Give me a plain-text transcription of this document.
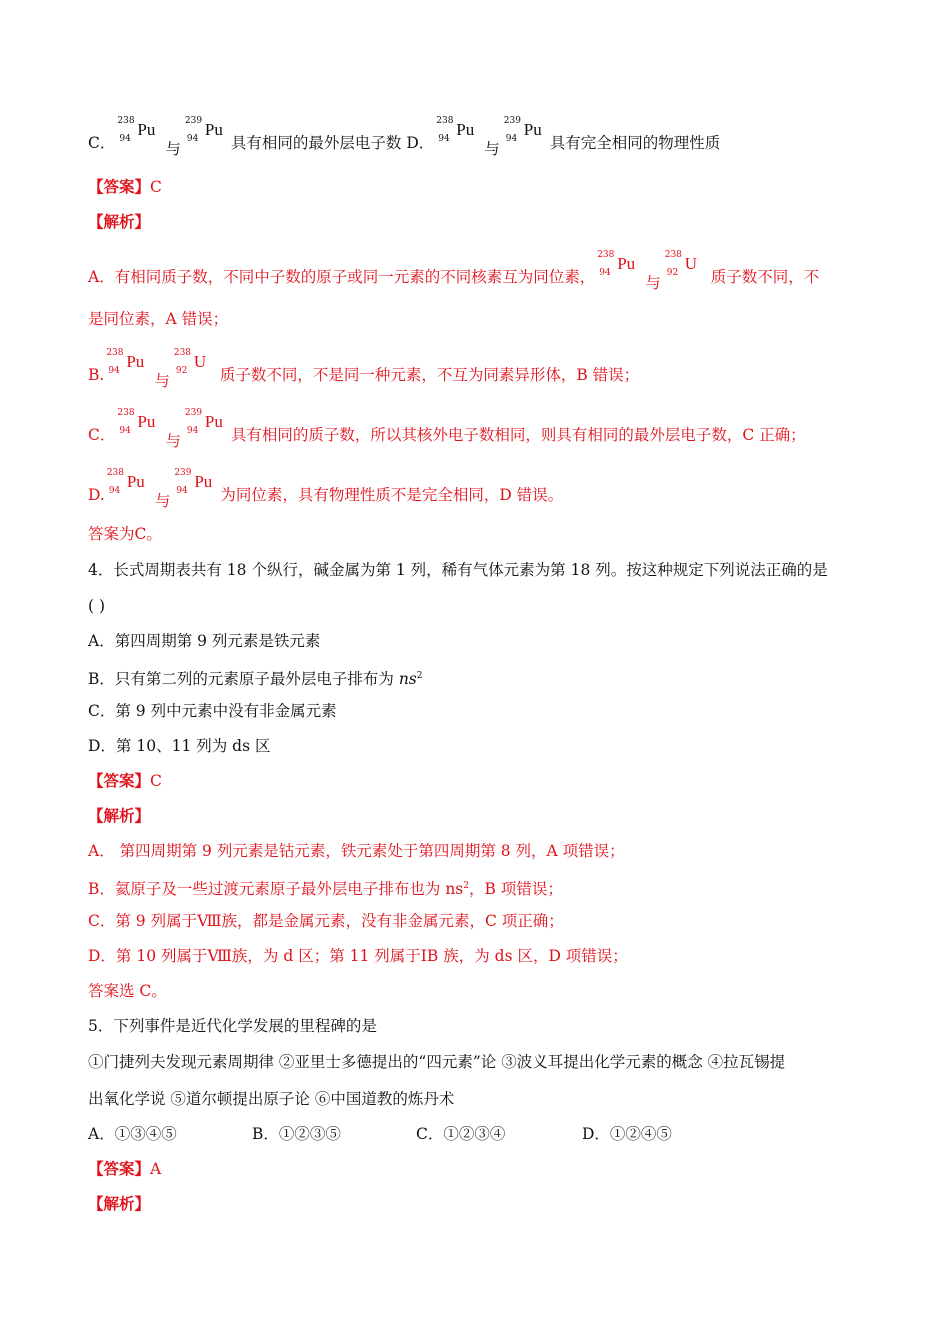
C．
238
94 Pu
与
239
94 Pu
具有相同的最外层电子数 D．
238
94 Pu
与
239
94 Pu
具有完全相同的物理性质
【答案】C
【解析】
A．有相同质子数，不同中子数的原子或同一元素的不同核素互为同位素，
238
94 Pu
与
238
92 U
质子数不同，不
是同位素，A 错误；
B.
238
94 Pu
与
238
92 U
质子数不同，不是同一种元素，不互为同素异形体，B 错误；
C．
238
94 Pu
与
239
94 Pu
具有相同的质子数，所以其核外电子数相同，则具有相同的最外层电子数，C 正确；
D.
238
94 Pu
与
239
94 Pu
为同位素，具有物理性质不是完全相同，D 错误。
答案为C。
4．长式周期表共有 18 个纵行，碱金属为第 1 列，稀有气体元素为第 18 列。按这种规定下列说法正确的是
( )
A．第四周期第 9 列元素是铁元素
B．只有第二列的元素原子最外层电子排布为 $ns^2$
C．第 9 列中元素中没有非金属元素
D．第 10、11 列为 ds 区
【答案】C
【解析】
A． 第四周期第 9 列元素是钴元素，铁元素处于第四周期第 8 列，A 项错误；
B．氦原子及一些过渡元素原子最外层电子排布也为 $ns^2$，B 项错误；
C．第 9 列属于Ⅷ族，都是金属元素，没有非金属元素，C 项正确；
D．第 10 列属于Ⅷ族，为 d 区；第 11 列属于ⅠB 族，为 ds 区，D 项错误；
答案选 C。
5．下列事件是近代化学发展的里程碑的是
①门捷列夫发现元素周期律 ②亚里士多德提出的“四元素”论 ③波义耳提出化学元素的概念 ④拉瓦锡提
出氧化学说 ⑤道尔顿提出原子论 ⑥中国道教的炼丹术
A．①③④⑤	B．①②③⑤	C．①②③④	D．①②④⑤
【答案】A
【解析】
